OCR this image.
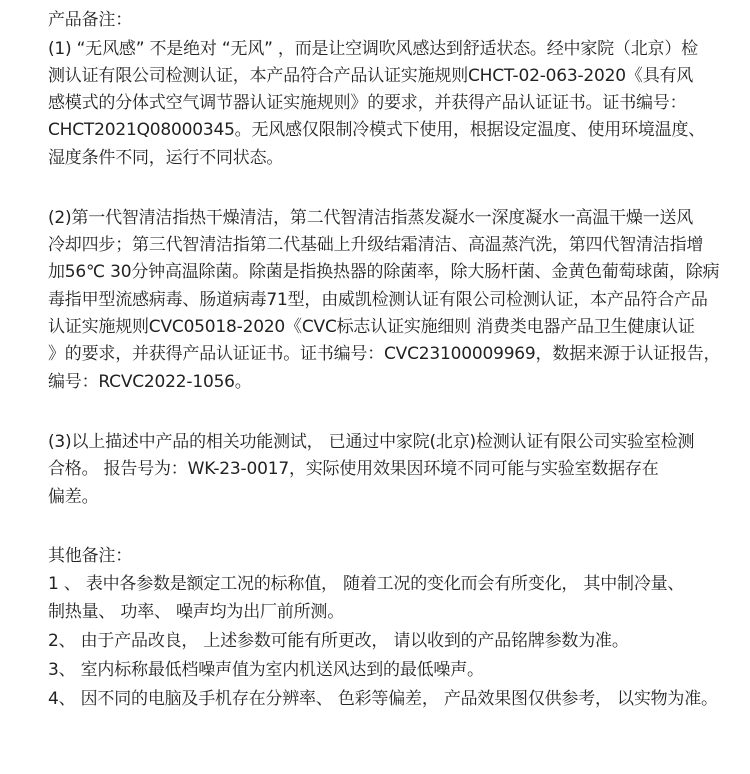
产品备注：
(1) “无风感” 不是绝对 “无风” ，而是让空调吹风感达到舒适状态。经中家院（北京）检
测认证有限公司检测认证，本产品符合产品认证实施规则CHCT-02-063-2020《具有风
感模式的分体式空气调节器认证实施规则》的要求，并获得产品认证证书。证书编号：
CHCT2021Q08000345。无风感仅限制冷模式下使用，根据设定温度、使用环境温度、
湿度条件不同，运行不同状态。
(2)第一代智清洁指热干燥清洁，第二代智清洁指蒸发凝水一深度凝水一高温干燥一送风
冷却四步；第三代智清洁指第二代基础上升级结霜清洁、高温蒸汽洗，第四代智清洁指增
加56℃ 30分钟高温除菌。除菌是指换热器的除菌率，除大肠杆菌、金黄色葡萄球菌，除病
毒指甲型流感病毒、肠道病毒71型，由威凯检测认证有限公司检测认证，本产品符合产品
认证实施规则CVC05018-2020《CVC标志认证实施细则 消费类电器产品卫生健康认证
》的要求，并获得产品认证证书。证书编号：CVC23100009969，数据来源于认证报告，
编号：RCVC2022-1056。
(3)以上描述中产品的相关功能测试， 已通过中家院(北京)检测认证有限公司实验室检测
合格。 报告号为：WK-23-0017，实际使用效果因环境不同可能与实验室数据存在
偏差。
其他备注：
1 、 表中各参数是额定工况的标称值， 随着工况的变化而会有所变化， 其中制冷量、
制热量、 功率、 噪声均为出厂前所测。
2、 由于产品改良， 上述参数可能有所更改， 请以收到的产品铭牌参数为准。
3、 室内标称最低档噪声值为室内机送风达到的最低噪声。
4、 因不同的电脑及手机存在分辨率、 色彩等偏差， 产品效果图仅供参考， 以实物为准。
